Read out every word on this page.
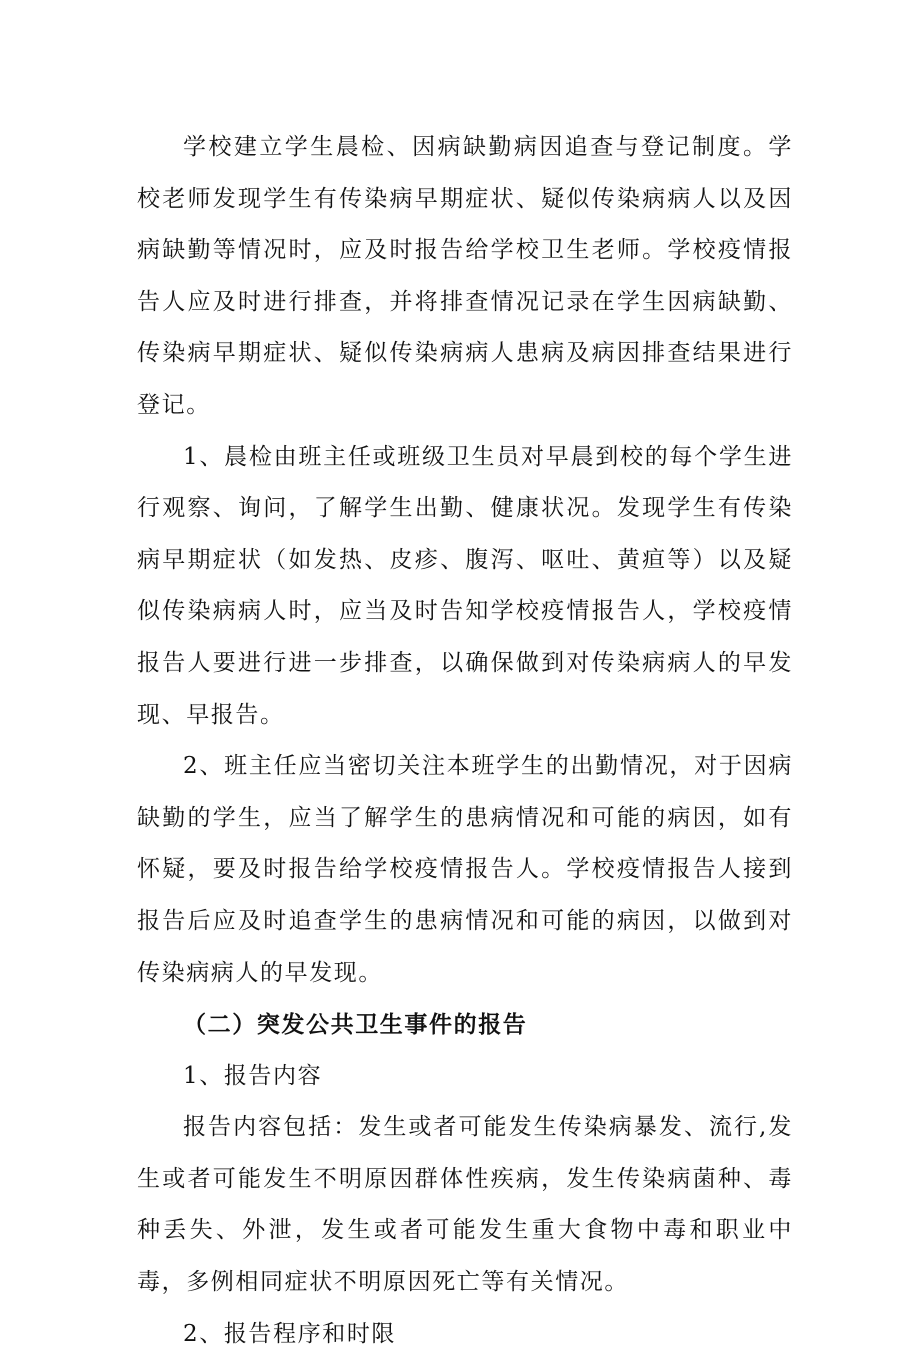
学校建立学生晨检、因病缺勤病因追查与登记制度。学校老师发现学生有传染病早期症状、疑似传染病病人以及因病缺勤等情况时，应及时报告给学校卫生老师。学校疫情报告人应及时进行排查，并将排查情况记录在学生因病缺勤、传染病早期症状、疑似传染病病人患病及病因排查结果进行登记。

1、晨检由班主任或班级卫生员对早晨到校的每个学生进行观察、询问，了解学生出勤、健康状况。发现学生有传染病早期症状（如发热、皮疹、腹泻、呕吐、黄疸等）以及疑似传染病病人时，应当及时告知学校疫情报告人，学校疫情报告人要进行进一步排查，以确保做到对传染病病人的早发现、早报告。

2、班主任应当密切关注本班学生的出勤情况，对于因病缺勤的学生，应当了解学生的患病情况和可能的病因，如有怀疑，要及时报告给学校疫情报告人。学校疫情报告人接到报告后应及时追查学生的患病情况和可能的病因，以做到对传染病病人的早发现。

（二）突发公共卫生事件的报告

1、报告内容

报告内容包括：发生或者可能发生传染病暴发、流行,发生或者可能发生不明原因群体性疾病，发生传染病菌种、毒种丢失、外泄，发生或者可能发生重大食物中毒和职业中毒，多例相同症状不明原因死亡等有关情况。

2、报告程序和时限
